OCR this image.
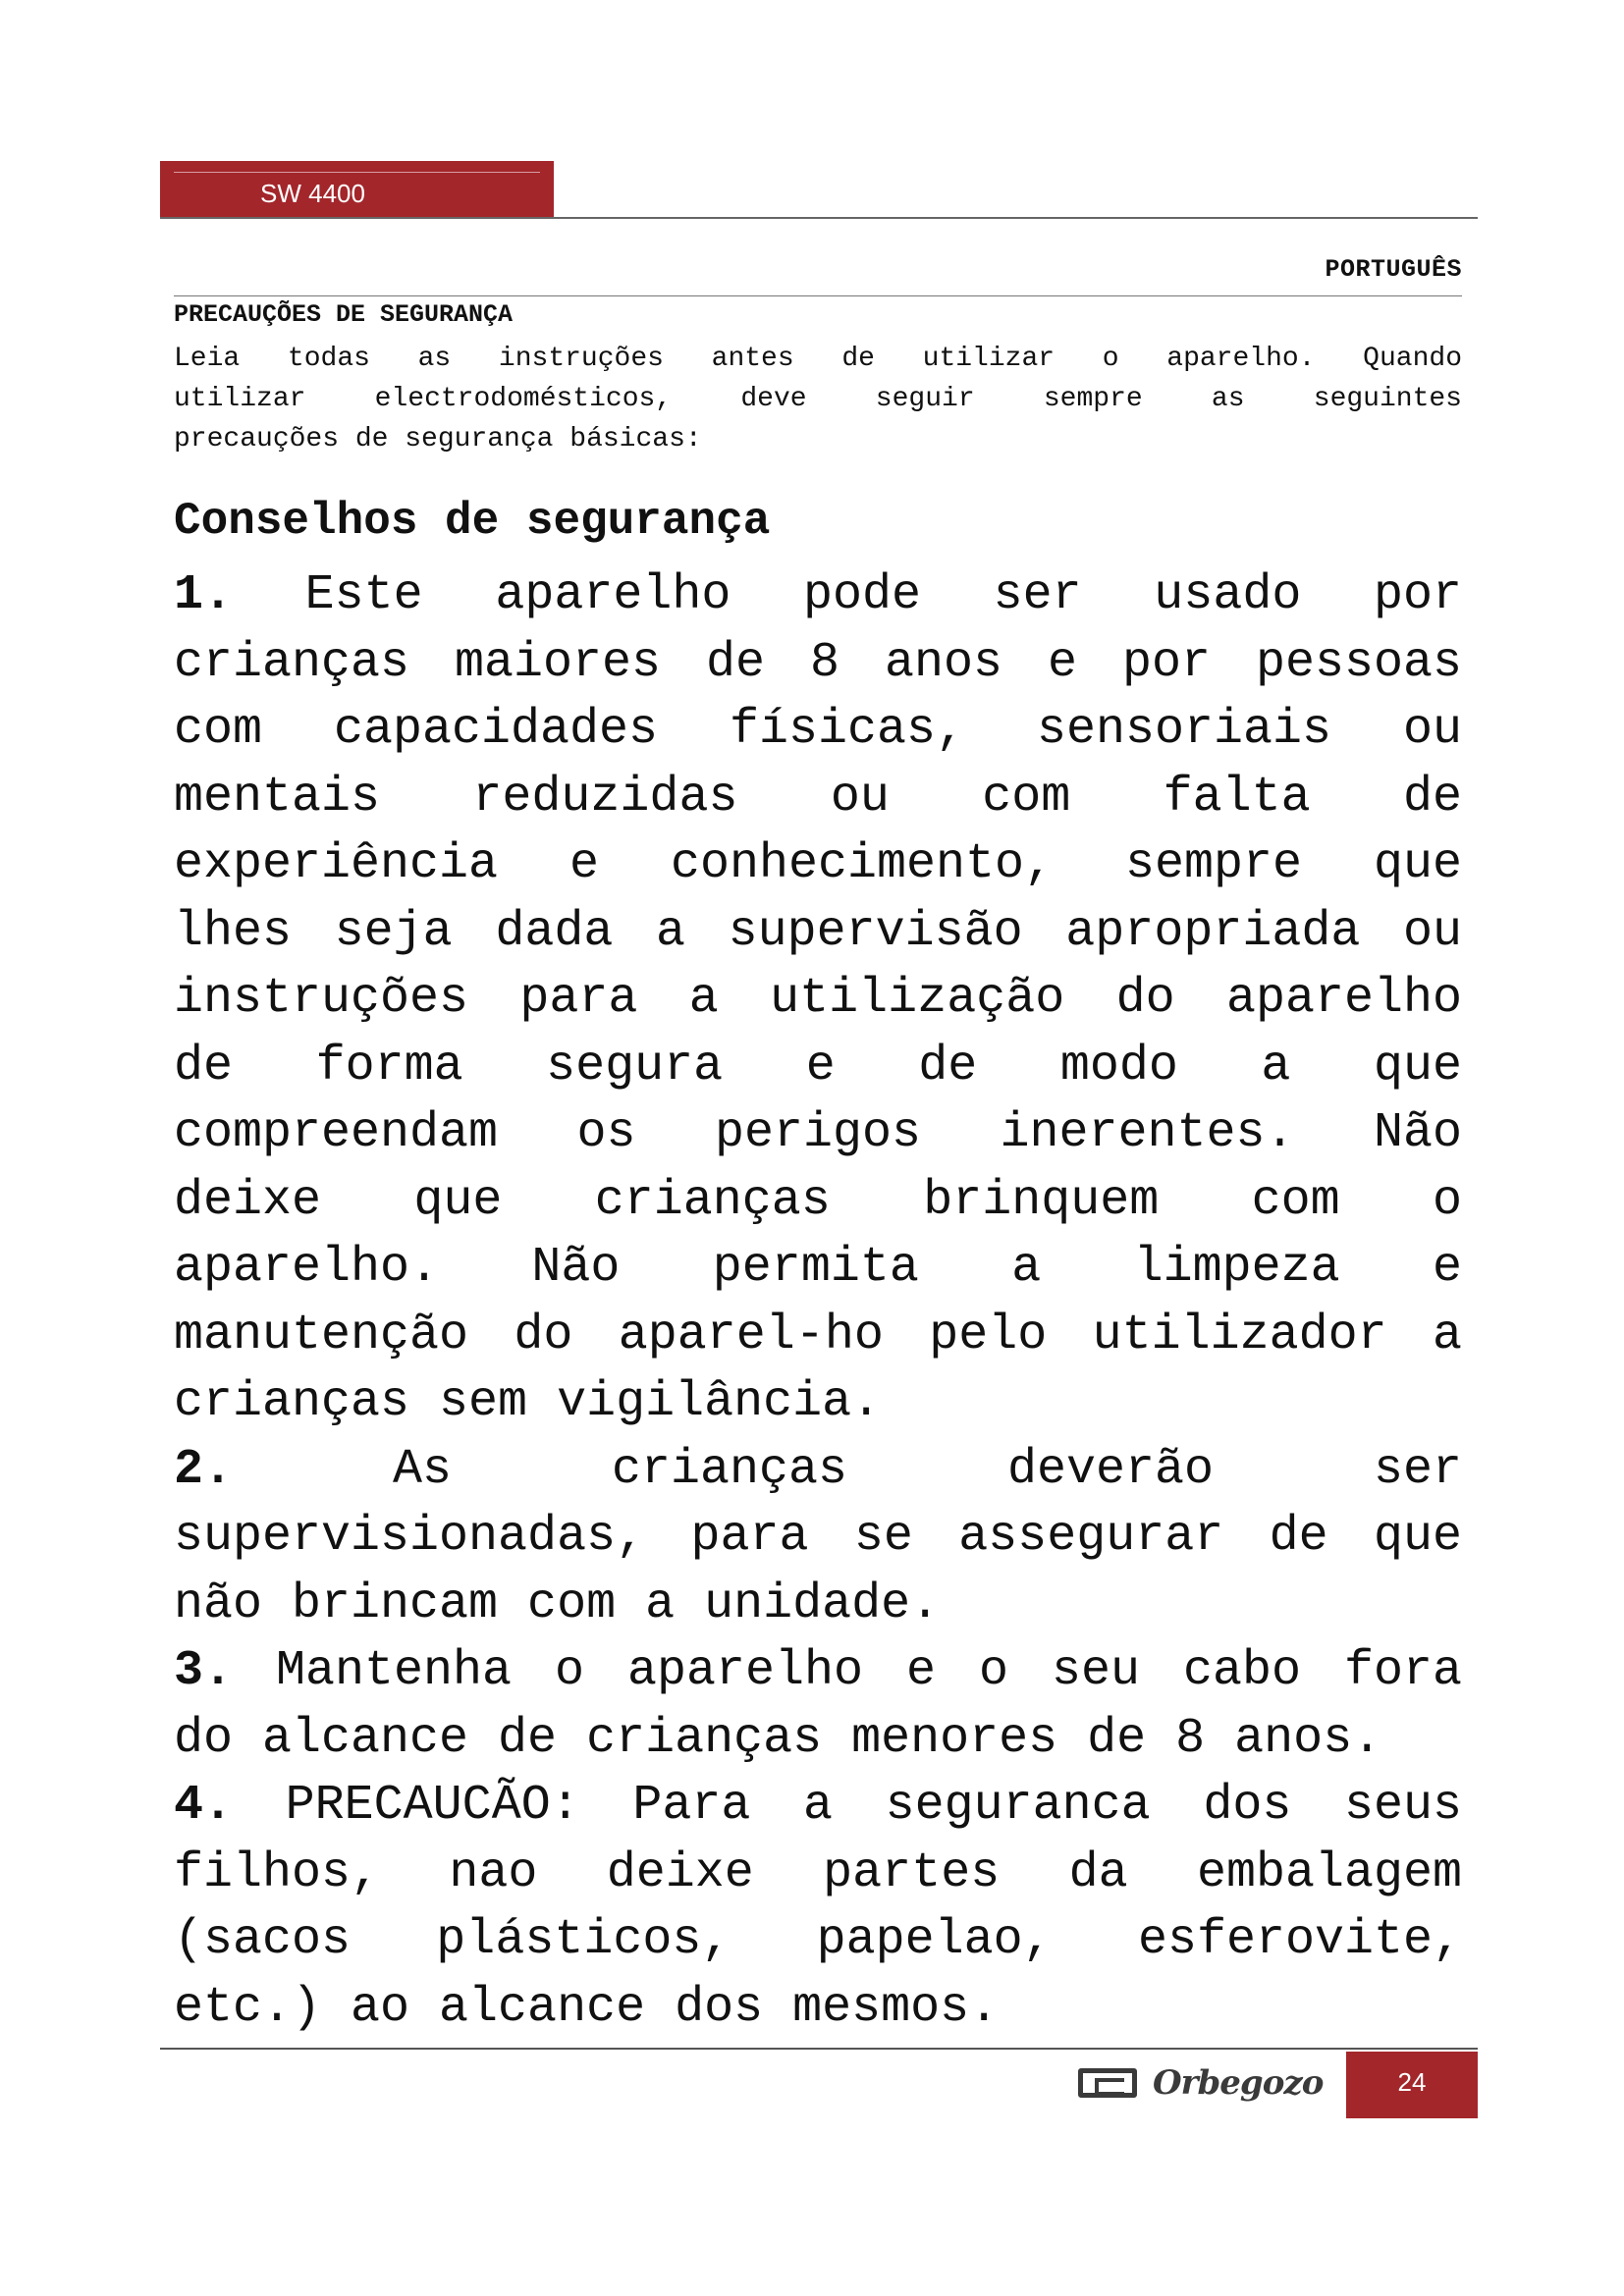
SW 4400
PORTUGUÊS
PRECAUÇÕES DE SEGURANÇA
Leia todas as instruções antes de utilizar o aparelho. Quando
utilizar electrodomésticos, deve seguir sempre as seguintes
precauções de segurança básicas:
Conselhos de segurança
1. Este aparelho pode ser usado por
crianças maiores de 8 anos e por pessoas
com capacidades físicas, sensoriais ou
mentais reduzidas ou com falta de
experiência e conhecimento, sempre que
lhes seja dada a supervisão apropriada ou
instruções para a utilização do aparelho
de forma segura e de modo a que
compreendam os perigos inerentes. Não
deixe que crianças brinquem com o
aparelho. Não permita a limpeza e
manutenção do aparel-ho pelo utilizador a
crianças sem vigilância.
2.	As crianças deverão ser
supervisionadas, para se assegurar de que
não brincam com a unidade.
3. Mantenha o aparelho e o seu cabo fora
do alcance de crianças menores de 8 anos.
4. PRECAUCÃO: Para a seguranca dos seus
filhos, nao deixe partes da embalagem
(sacos plásticos, papelao, esferovite,
etc.) ao alcance dos mesmos.
Orbegozo	24
